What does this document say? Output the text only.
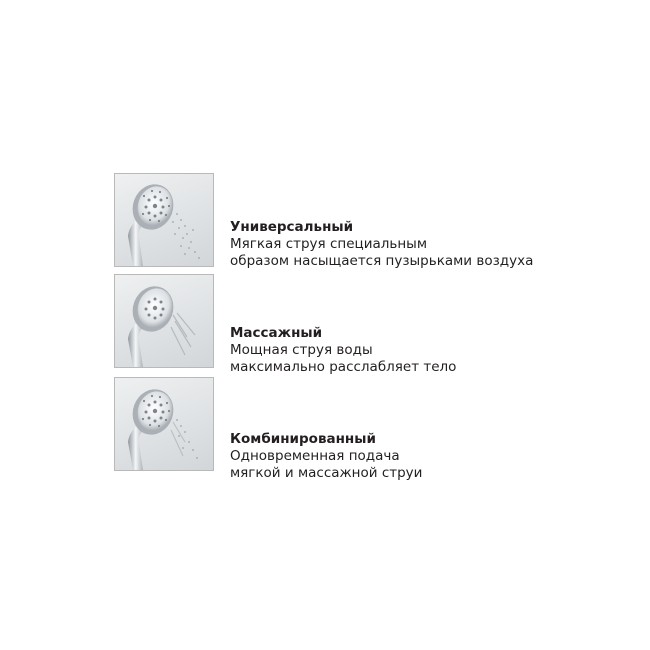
Универсальный
Мягкая струя специальным
образом насыщается пузырьками воздуха
Массажный
Мощная струя воды
максимально расслабляет тело
Комбинированный
Одновременная подача
мягкой и массажной струи
